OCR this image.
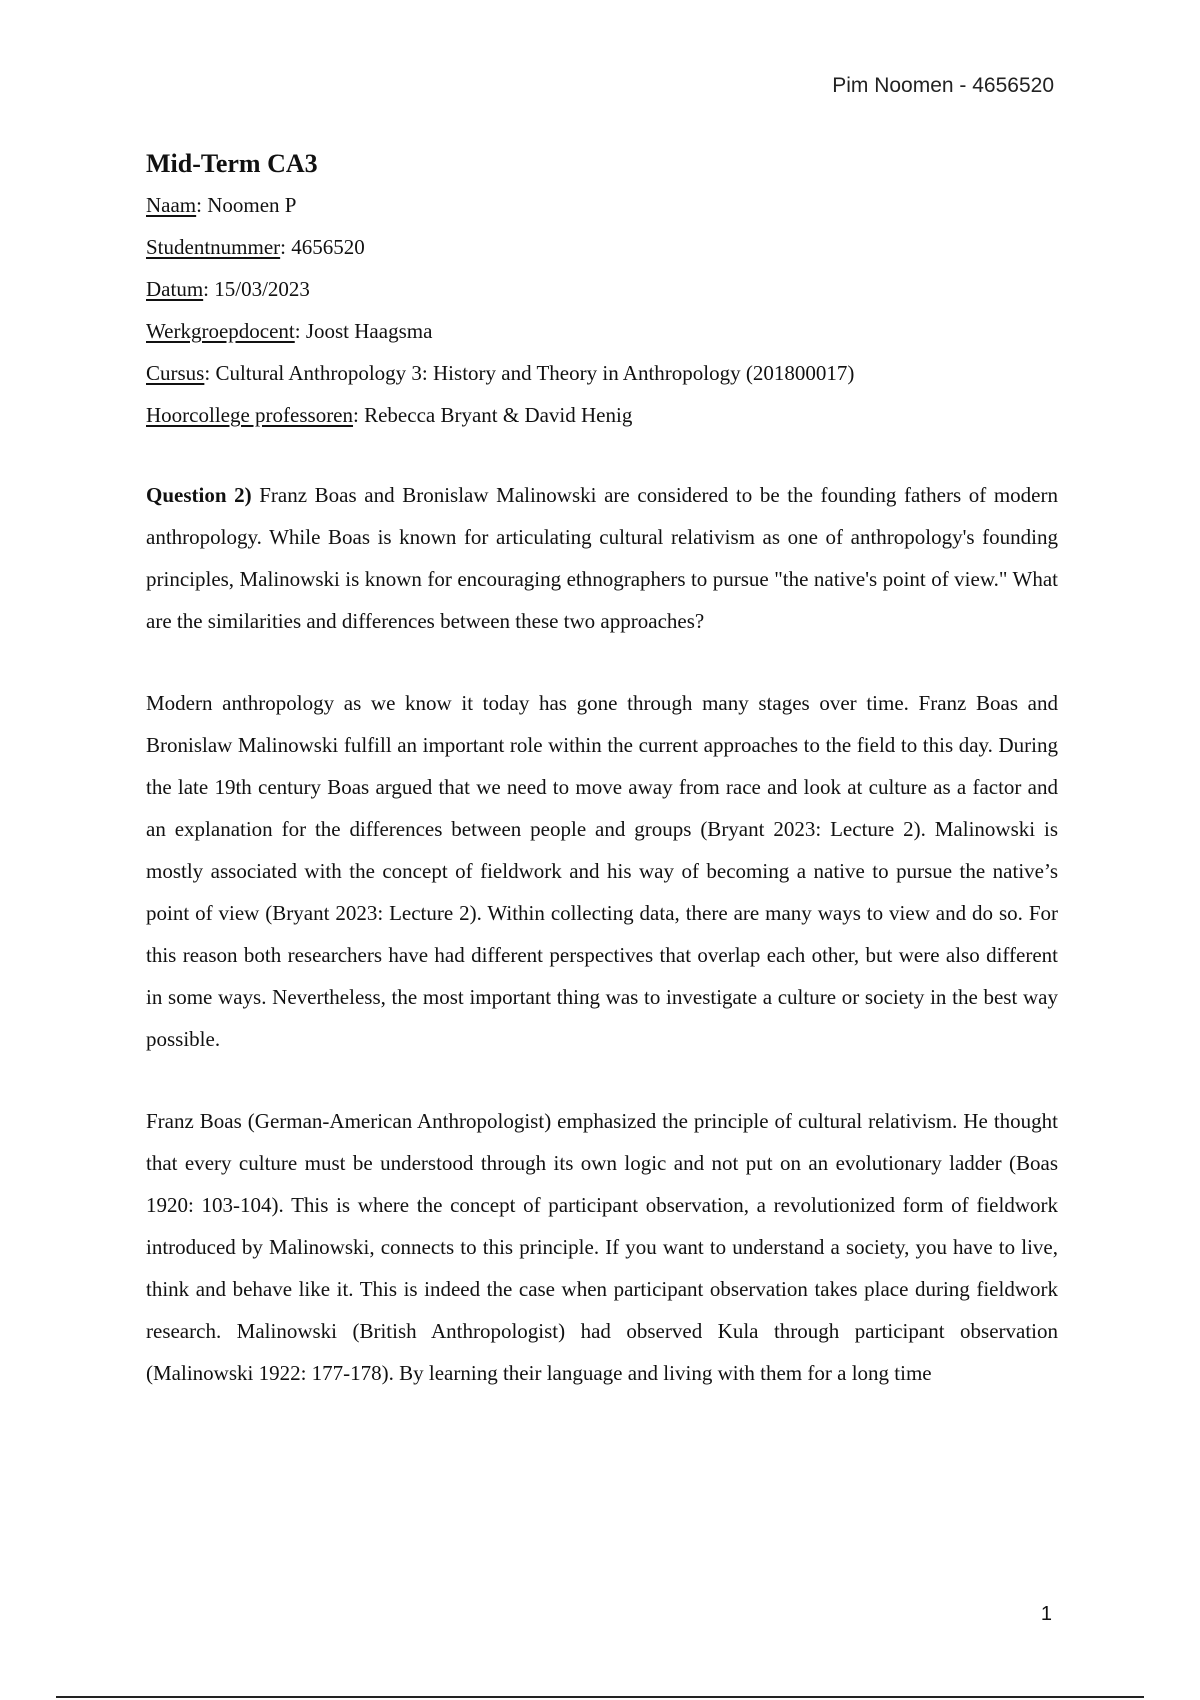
Pim Noomen - 4656520
Mid-Term CA3
Naam: Noomen P
Studentnummer: 4656520
Datum: 15/03/2023
Werkgroepdocent: Joost Haagsma
Cursus: Cultural Anthropology 3: History and Theory in Anthropology (201800017)
Hoorcollege professoren: Rebecca Bryant & David Henig

Question 2) Franz Boas and Bronislaw Malinowski are considered to be the founding fathers of modern anthropology. While Boas is known for articulating cultural relativism as one of anthropology's founding principles, Malinowski is known for encouraging ethnographers to pursue "the native's point of view." What are the similarities and differences between these two approaches?

Modern anthropology as we know it today has gone through many stages over time. Franz Boas and Bronislaw Malinowski fulfill an important role within the current approaches to the field to this day. During the late 19th century Boas argued that we need to move away from race and look at culture as a factor and an explanation for the differences between people and groups (Bryant 2023: Lecture 2). Malinowski is mostly associated with the concept of fieldwork and his way of becoming a native to pursue the native’s point of view (Bryant 2023: Lecture 2). Within collecting data, there are many ways to view and do so. For this reason both researchers have had different perspectives that overlap each other, but were also different in some ways. Nevertheless, the most important thing was to investigate a culture or society in the best way possible.

Franz Boas (German-American Anthropologist) emphasized the principle of cultural relativism. He thought that every culture must be understood through its own logic and not put on an evolutionary ladder (Boas 1920: 103-104). This is where the concept of participant observation, a revolutionized form of fieldwork introduced by Malinowski, connects to this principle. If you want to understand a society, you have to live, think and behave like it. This is indeed the case when participant observation takes place during fieldwork research. Malinowski (British Anthropologist) had observed Kula through participant observation (Malinowski 1922: 177-178). By learning their language and living with them for a long time

1
